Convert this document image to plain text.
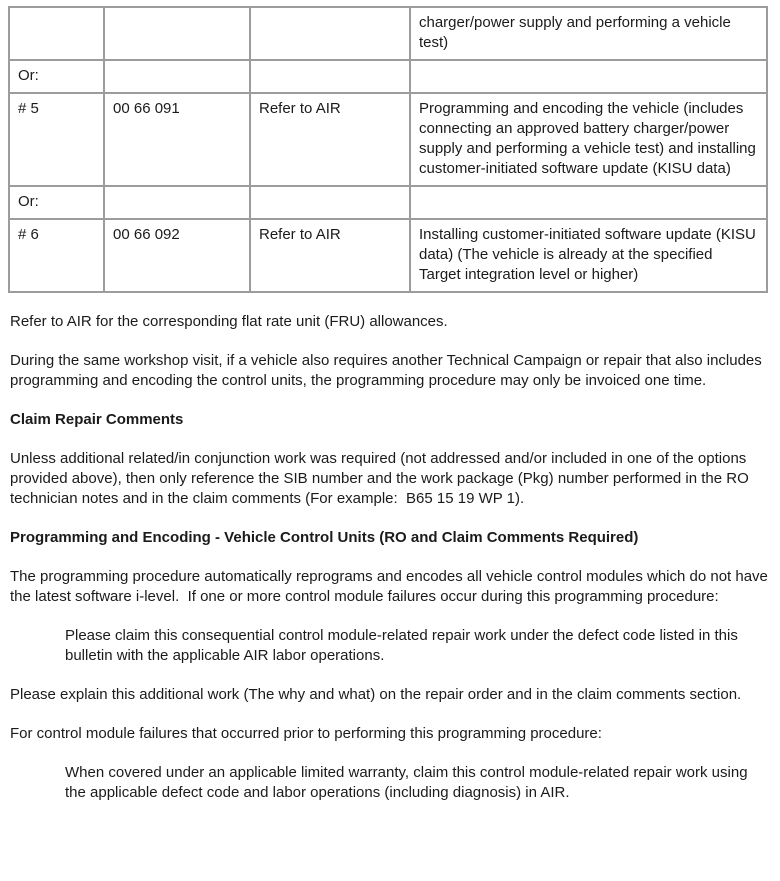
			charger/power supply and performing a vehicle test)
Or:			
# 5	00 66 091	Refer to AIR	Programming and encoding the vehicle (includes connecting an approved battery charger/power supply and performing a vehicle test) and installing customer-initiated software update (KISU data)
Or:			
# 6	00 66 092	Refer to AIR	Installing customer-initiated software update (KISU data) (The vehicle is already at the specified Target integration level or higher)

Refer to AIR for the corresponding flat rate unit (FRU) allowances.

During the same workshop visit, if a vehicle also requires another Technical Campaign or repair that also includes programming and encoding the control units, the programming procedure may only be invoiced one time.

Claim Repair Comments

Unless additional related/in conjunction work was required (not addressed and/or included in one of the options provided above), then only reference the SIB number and the work package (Pkg) number performed in the RO technician notes and in the claim comments (For example:  B65 15 19 WP 1).

Programming and Encoding - Vehicle Control Units (RO and Claim Comments Required)

The programming procedure automatically reprograms and encodes all vehicle control modules which do not have the latest software i-level.  If one or more control module failures occur during this programming procedure:

Please claim this consequential control module-related repair work under the defect code listed in this bulletin with the applicable AIR labor operations.

Please explain this additional work (The why and what) on the repair order and in the claim comments section.

For control module failures that occurred prior to performing this programming procedure:

When covered under an applicable limited warranty, claim this control module-related repair work using the applicable defect code and labor operations (including diagnosis) in AIR.
